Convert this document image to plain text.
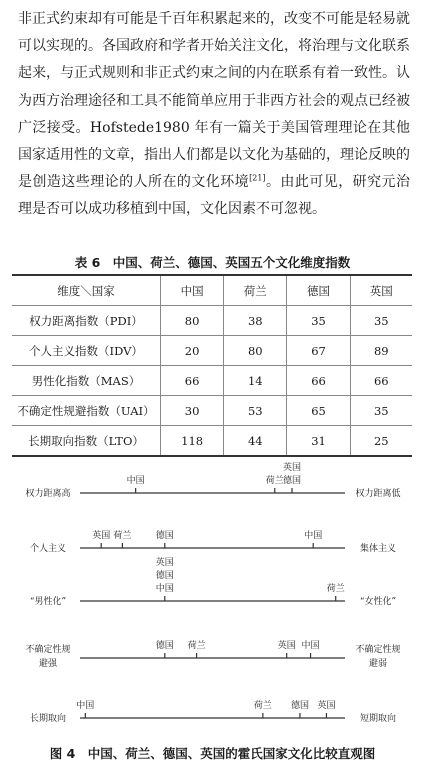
非正式约束却有可能是千百年积累起来的，改变不可能是轻易就可以实现的。各国政府和学者开始关注文化，将治理与文化联系起来，与正式规则和非正式约束之间的内在联系有着一致性。认为西方治理途径和工具不能简单应用于非西方社会的观点已经被广泛接受。Hofstede1980 年有一篇关于美国管理理论在其他国家适用性的文章，指出人们都是以文化为基础的，理论反映的是创造这些理论的人所在的文化环境[21]。由此可见，研究元治理是否可以成功移植到中国，文化因素不可忽视。

表 6　中国、荷兰、德国、英国五个文化维度指数
维度＼国家	中国	荷兰	德国	英国
权力距离指数（PDI）	80	38	35	35
个人主义指数（IDV）	20	80	67	89
男性化指数（MAS）	66	14	66	66
不确定性规避指数（UAI）	30	53	65	35
长期取向指数（LTO）	118	44	31	25
权力距离高	权力距离低
中国	荷兰
英国
德国
个人主义	集体主义
英国 荷兰	德国	中国
“男性化”	“女性化”
英国
德国
中国	荷兰
不确定性规
避强
不确定性规
避弱
德国 荷兰	英国 中国
长期取向	短期取向
中国	荷兰 德国 英国
图 4　中国、荷兰、德国、英国的霍氏国家文化比较直观图
